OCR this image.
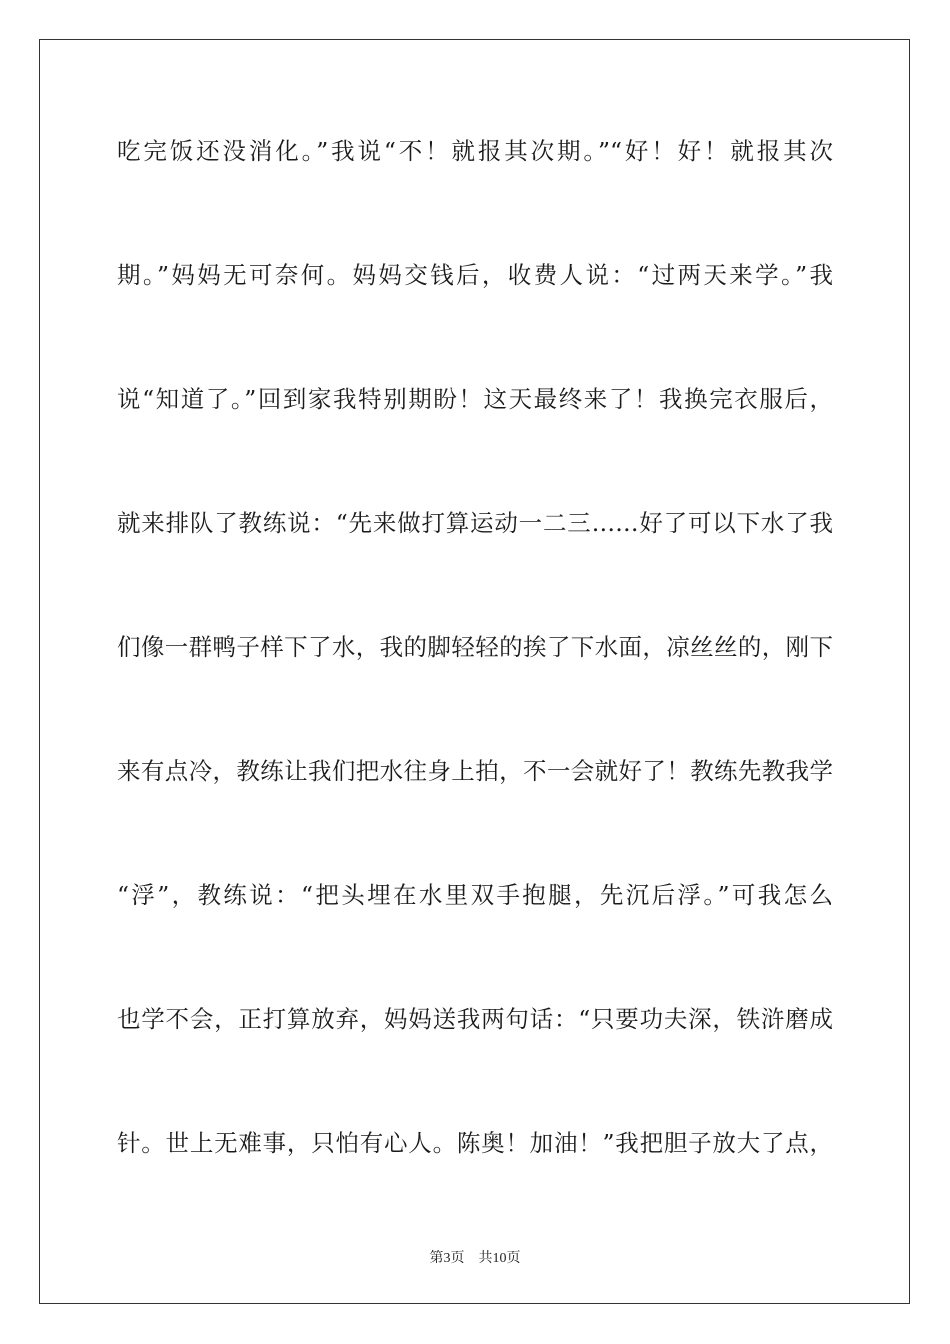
吃完饭还没消化。”我说“不！就报其次期。”“好！好！就报其次
期。”妈妈无可奈何。妈妈交钱后，收费人说：“过两天来学。”我
说“知道了。”回到家我特别期盼！这天最终来了！我换完衣服后，
就来排队了教练说：“先来做打算运动一二三……好了可以下水了我
们像一群鸭子样下了水，我的脚轻轻的挨了下水面，凉丝丝的，刚下
来有点冷，教练让我们把水往身上拍，不一会就好了！教练先教我学
“浮”，教练说：“把头埋在水里双手抱腿，先沉后浮。”可我怎么
也学不会，正打算放弃，妈妈送我两句话：“只要功夫深，铁浒磨成
针。世上无难事，只怕有心人。陈奥！加油！”我把胆子放大了点，
第3页 共10页
